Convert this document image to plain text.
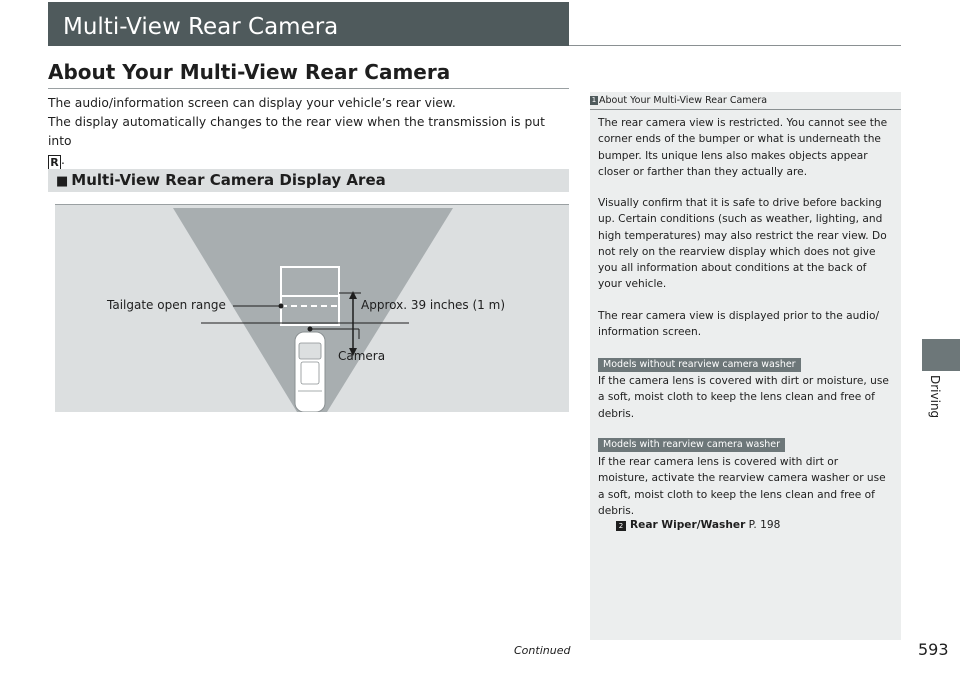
Multi-View Rear Camera
About Your Multi-View Rear Camera
The audio/information screen can display your vehicle’s rear view.
The display automatically changes to the rear view when the transmission is put into
R .
■ Multi-View Rear Camera Display Area
Tailgate open range	Approx. 39 inches (1 m)
Camera
1 About Your Multi-View Rear Camera
The rear camera view is restricted. You cannot see the corner ends of the bumper or what is underneath the bumper. Its unique lens also makes objects appear closer or farther than they actually are.
Visually confirm that it is safe to drive before backing up. Certain conditions (such as weather, lighting, and high temperatures) may also restrict the rear view. Do not rely on the rearview display which does not give you all information about conditions at the back of your vehicle.
The rear camera view is displayed prior to the audio/ information screen.
Models without rearview camera washer
If the camera lens is covered with dirt or moisture, use a soft, moist cloth to keep the lens clean and free of debris.
Models with rearview camera washer
If the rear camera lens is covered with dirt or moisture, activate the rearview camera washer or use a soft, moist cloth to keep the lens clean and free of debris.
2 Rear Wiper/Washer P. 198
Driving
Continued	593
